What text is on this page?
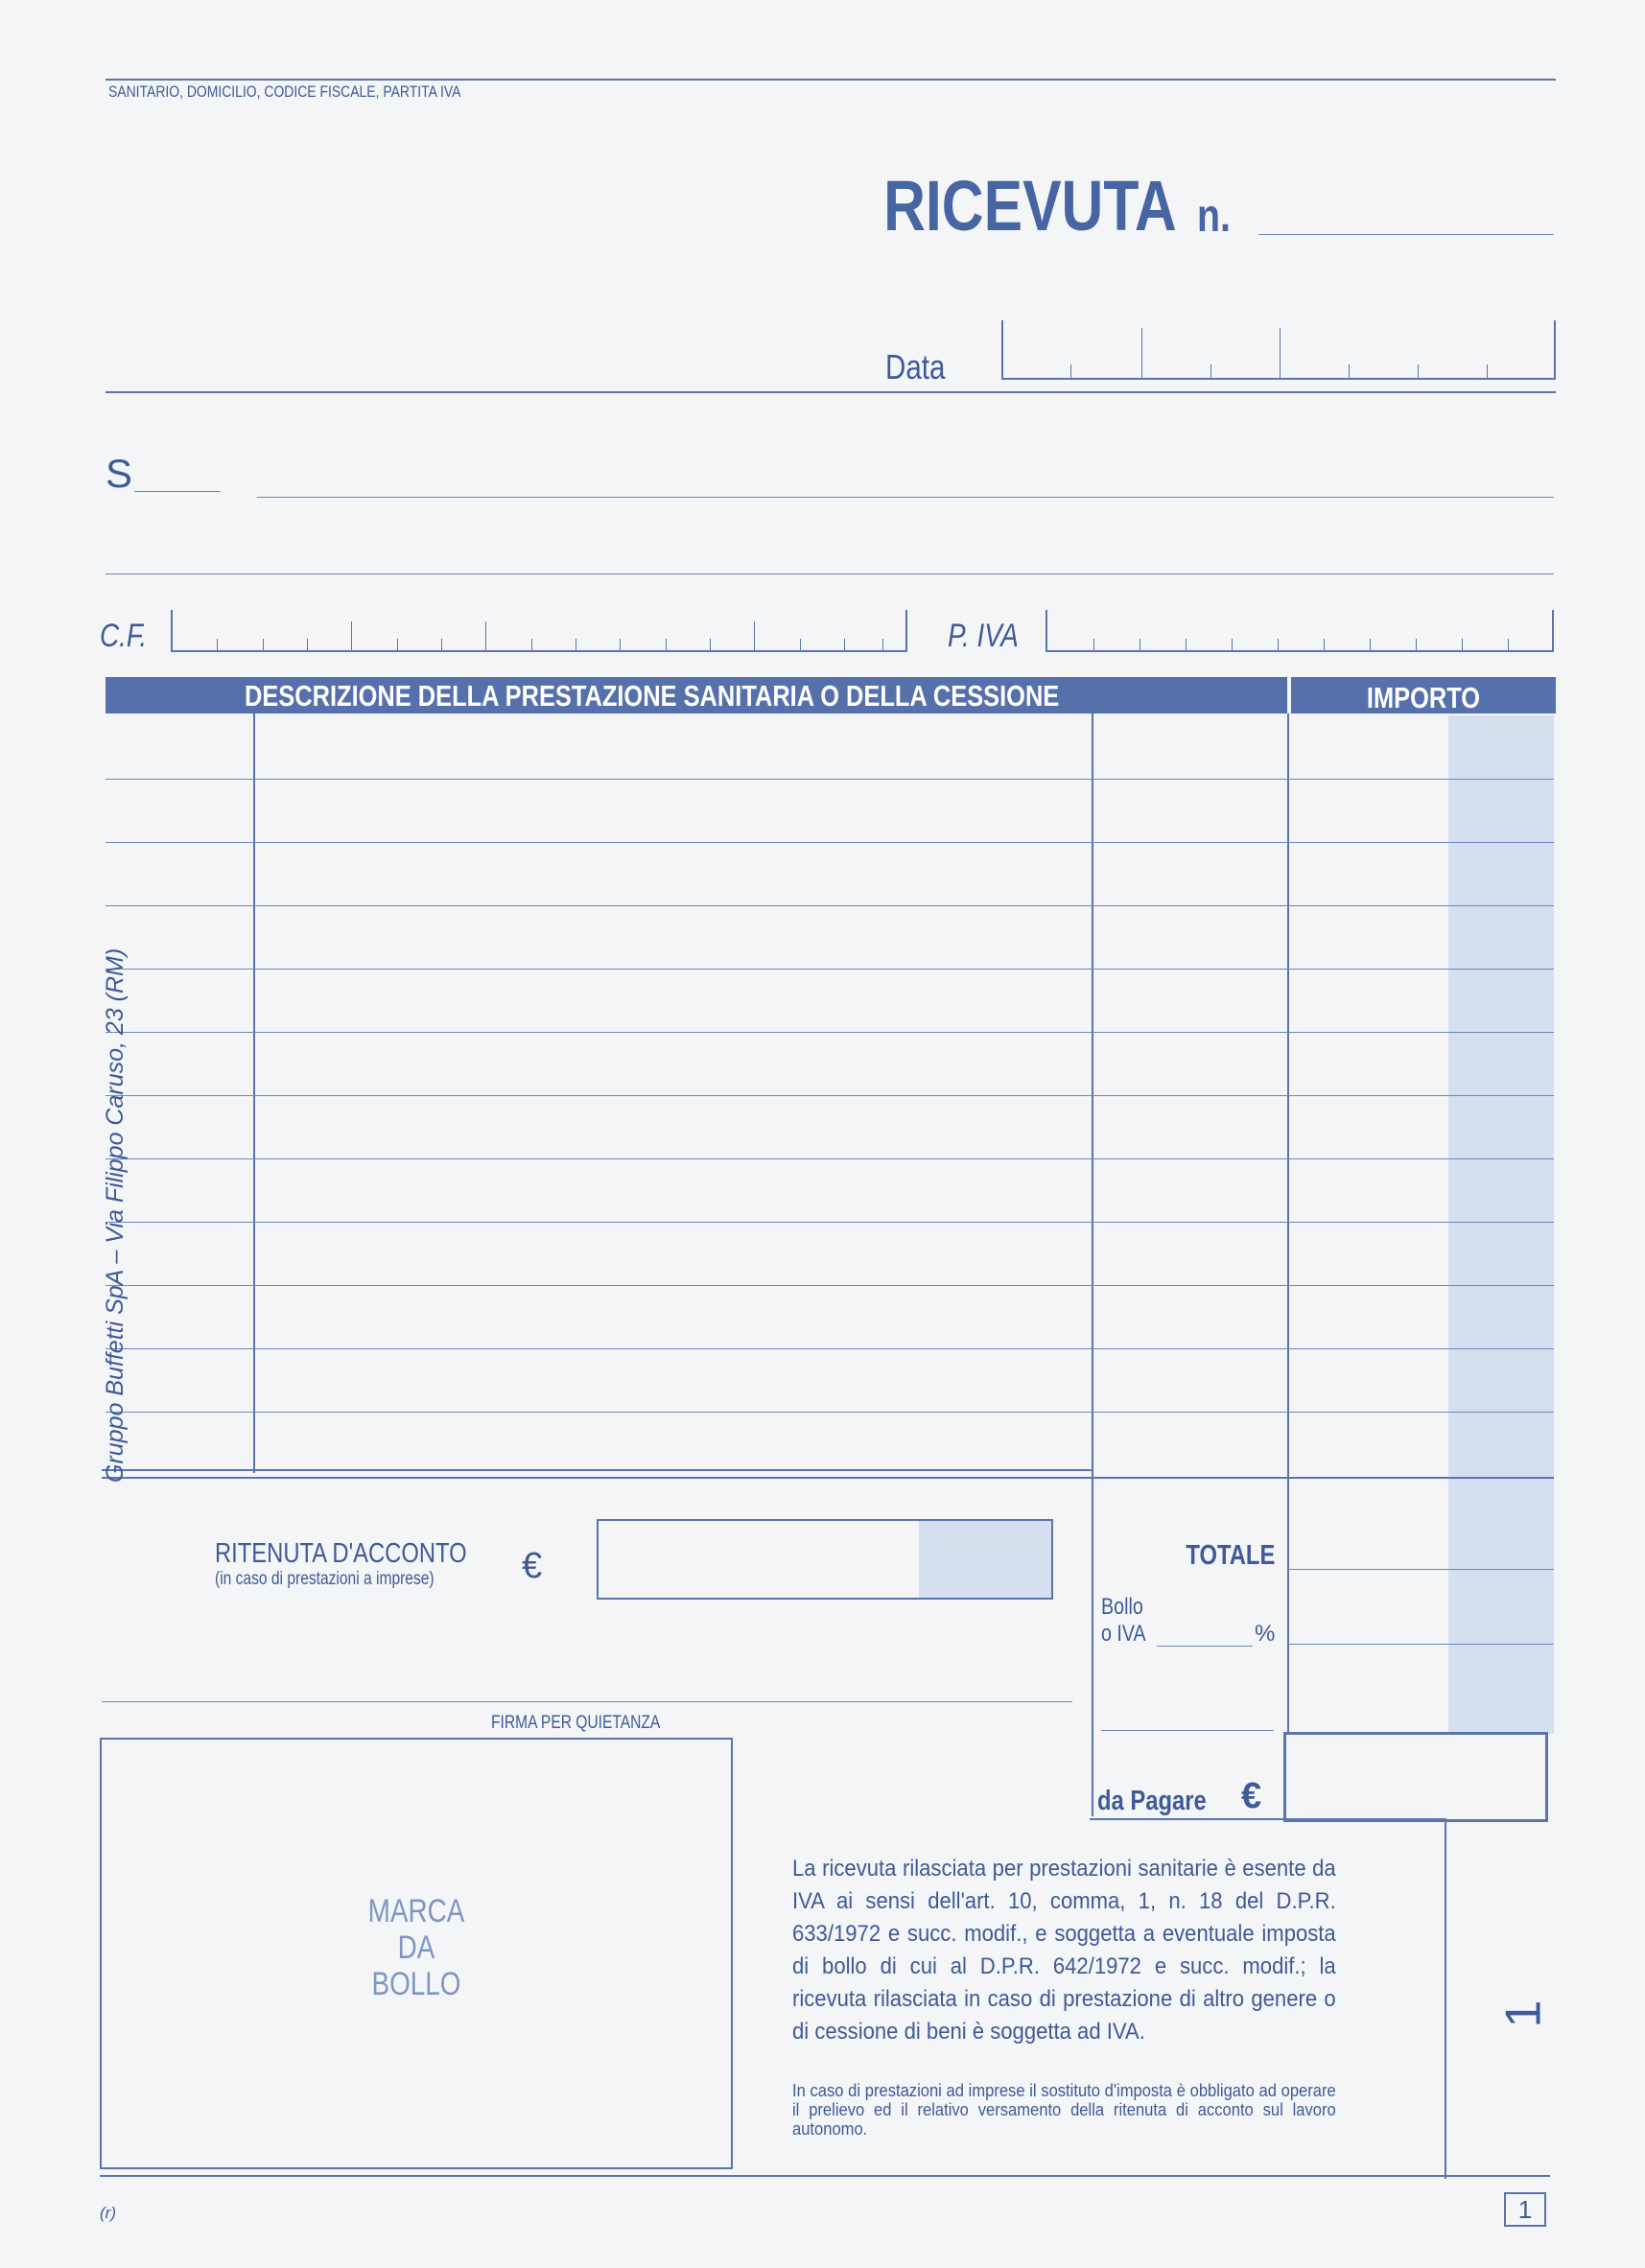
SANITARIO, DOMICILIO, CODICE FISCALE, PARTITA IVA
RICEVUTA n.
Data
S
C.F.	P. IVA
DESCRIZIONE DELLA PRESTAZIONE SANITARIA O DELLA CESSIONE	IMPORTO
RITENUTA D'ACCONTO
(in caso di prestazioni a imprese) €	TOTALE
Bollo
o IVA	%
da Pagare €
FIRMA PER QUIETANZA
MARCA
DA
BOLLO
La ricevuta rilasciata per prestazioni sanitarie è esente da IVA ai sensi dell'art. 10, comma, 1, n. 18 del D.P.R. 633/1972 e succ. modif., e soggetta a eventuale imposta di bollo di cui al D.P.R. 642/1972 e succ. modif.; la ricevuta rilasciata in caso di prestazione di altro genere o di cessione di beni è soggetta ad IVA.
In caso di prestazioni ad imprese il sostituto d'imposta è obbligato ad operare il prelievo ed il relativo versamento della ritenuta di acconto sul lavoro autonomo.
Gruppo Buffetti SpA – Via Filippo Caruso, 23 (RM)
1
(r)	1
